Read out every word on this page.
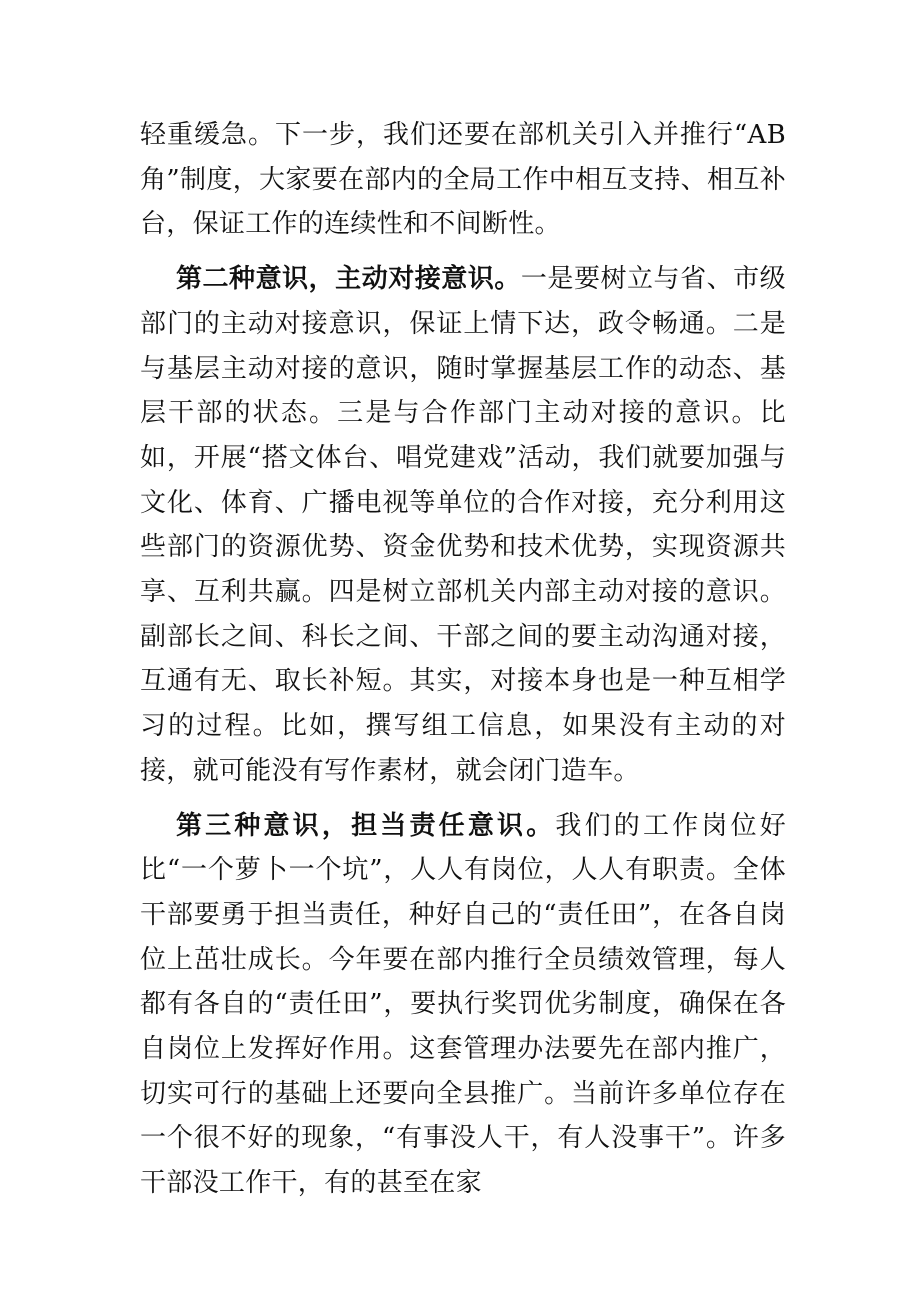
轻重缓急。下一步，我们还要在部机关引入并推行“AB角”制度，大家要在部内的全局工作中相互支持、相互补台，保证工作的连续性和不间断性。

第二种意识，主动对接意识。一是要树立与省、市级部门的主动对接意识，保证上情下达，政令畅通。二是与基层主动对接的意识，随时掌握基层工作的动态、基层干部的状态。三是与合作部门主动对接的意识。比如，开展“搭文体台、唱党建戏”活动，我们就要加强与文化、体育、广播电视等单位的合作对接，充分利用这些部门的资源优势、资金优势和技术优势，实现资源共享、互利共赢。四是树立部机关内部主动对接的意识。副部长之间、科长之间、干部之间的要主动沟通对接，互通有无、取长补短。其实，对接本身也是一种互相学习的过程。比如，撰写组工信息，如果没有主动的对接，就可能没有写作素材，就会闭门造车。

第三种意识，担当责任意识。我们的工作岗位好比“一个萝卜一个坑”，人人有岗位，人人有职责。全体干部要勇于担当责任，种好自己的“责任田”，在各自岗位上茁壮成长。今年要在部内推行全员绩效管理，每人都有各自的“责任田”，要执行奖罚优劣制度，确保在各自岗位上发挥好作用。这套管理办法要先在部内推广，切实可行的基础上还要向全县推广。当前许多单位存在一个很不好的现象，“有事没人干，有人没事干”。许多干部没工作干，有的甚至在家
